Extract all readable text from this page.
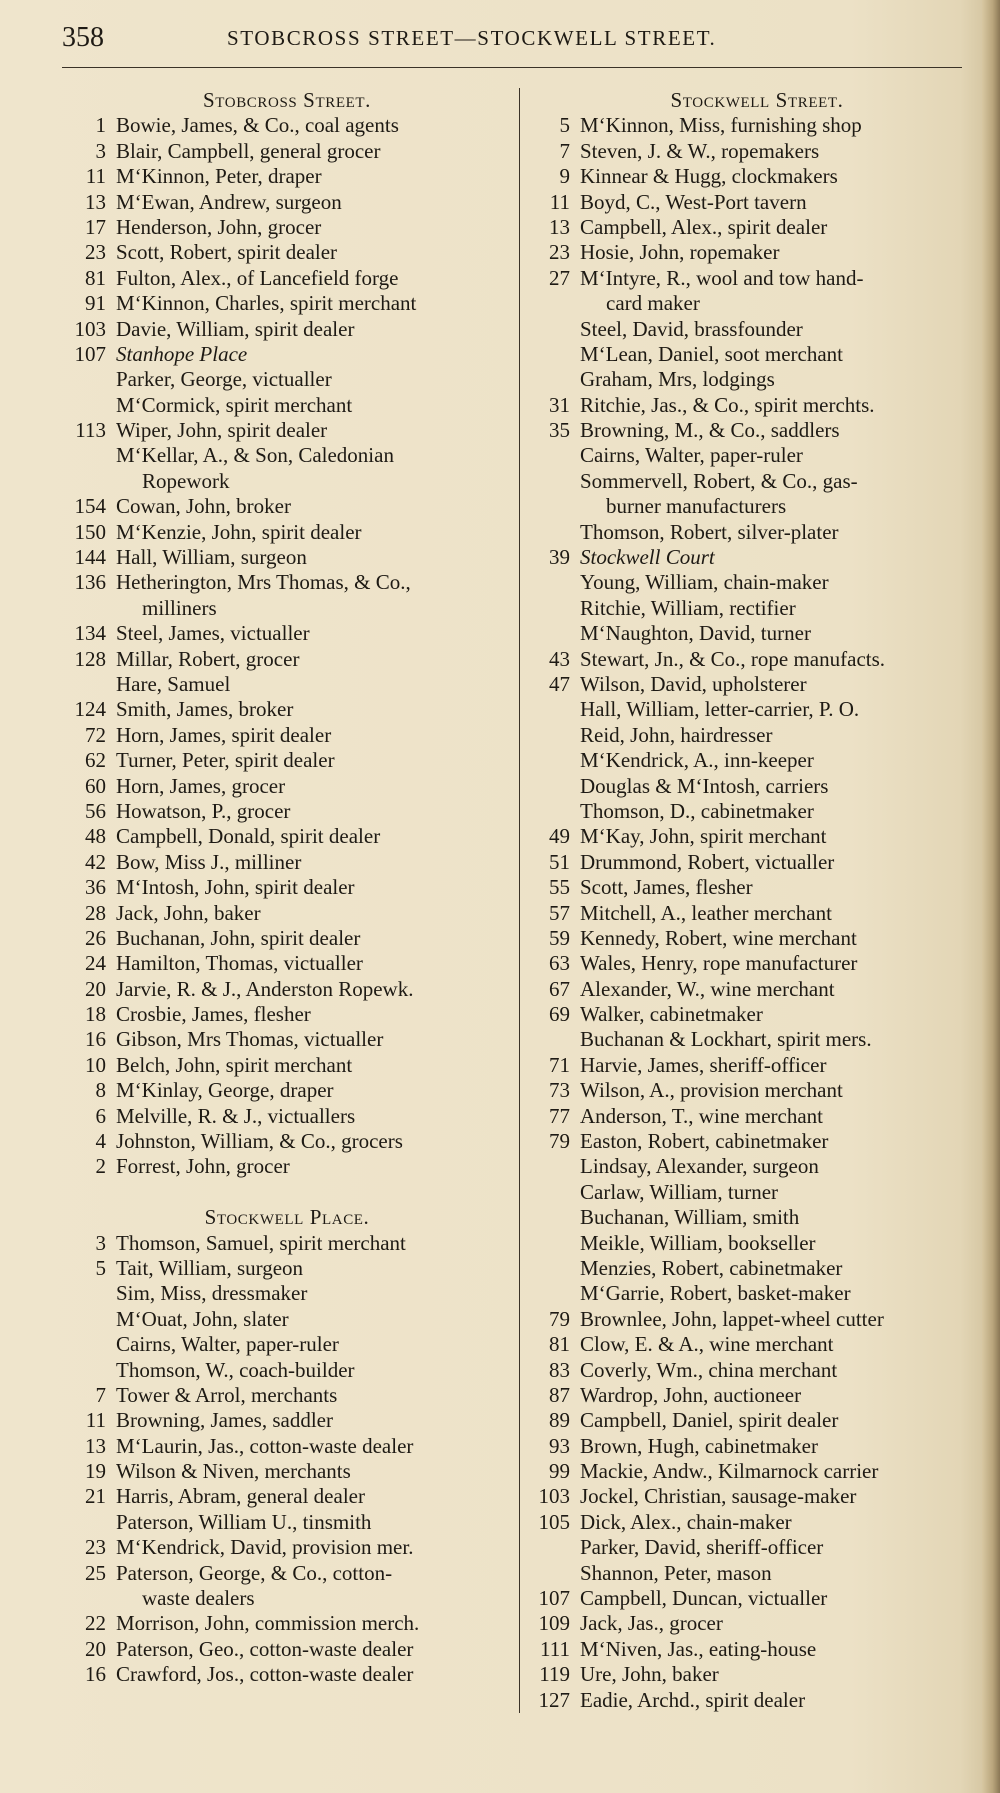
358	STOBCROSS STREET—STOCKWELL STREET.
Stobcross Street.
1 Bowie, James, & Co., coal agents
3 Blair, Campbell, general grocer
11 M‘Kinnon, Peter, draper
13 M‘Ewan, Andrew, surgeon
17 Henderson, John, grocer
23 Scott, Robert, spirit dealer
81 Fulton, Alex., of Lancefield forge
91 M‘Kinnon, Charles, spirit merchant
103 Davie, William, spirit dealer
107 Stanhope Place
Parker, George, victualler
M‘Cormick, spirit merchant
113 Wiper, John, spirit dealer
M‘Kellar, A., & Son, Caledonian
Ropework
154 Cowan, John, broker
150 M‘Kenzie, John, spirit dealer
144 Hall, William, surgeon
136 Hetherington, Mrs Thomas, & Co.,
milliners
134 Steel, James, victualler
128 Millar, Robert, grocer
Hare, Samuel
124 Smith, James, broker
72 Horn, James, spirit dealer
62 Turner, Peter, spirit dealer
60 Horn, James, grocer
56 Howatson, P., grocer
48 Campbell, Donald, spirit dealer
42 Bow, Miss J., milliner
36 M‘Intosh, John, spirit dealer
28 Jack, John, baker
26 Buchanan, John, spirit dealer
24 Hamilton, Thomas, victualler
20 Jarvie, R. & J., Anderston Ropewk.
18 Crosbie, James, flesher
16 Gibson, Mrs Thomas, victualler
10 Belch, John, spirit merchant
8 M‘Kinlay, George, draper
6 Melville, R. & J., victuallers
4 Johnston, William, & Co., grocers
2 Forrest, John, grocer
Stockwell Place.
3 Thomson, Samuel, spirit merchant
5 Tait, William, surgeon
Sim, Miss, dressmaker
M‘Ouat, John, slater
Cairns, Walter, paper-ruler
Thomson, W., coach-builder
7 Tower & Arrol, merchants
11 Browning, James, saddler
13 M‘Laurin, Jas., cotton-waste dealer
19 Wilson & Niven, merchants
21 Harris, Abram, general dealer
Paterson, William U., tinsmith
23 M‘Kendrick, David, provision mer.
25 Paterson, George, & Co., cotton-
waste dealers
22 Morrison, John, commission merch.
20 Paterson, Geo., cotton-waste dealer
16 Crawford, Jos., cotton-waste dealer
Stockwell Street.
5 M‘Kinnon, Miss, furnishing shop
7 Steven, J. & W., ropemakers
9 Kinnear & Hugg, clockmakers
11 Boyd, C., West-Port tavern
13 Campbell, Alex., spirit dealer
23 Hosie, John, ropemaker
27 M‘Intyre, R., wool and tow hand-
card maker
Steel, David, brassfounder
M‘Lean, Daniel, soot merchant
Graham, Mrs, lodgings
31 Ritchie, Jas., & Co., spirit merchts.
35 Browning, M., & Co., saddlers
Cairns, Walter, paper-ruler
Sommervell, Robert, & Co., gas-
burner manufacturers
Thomson, Robert, silver-plater
39 Stockwell Court
Young, William, chain-maker
Ritchie, William, rectifier
M‘Naughton, David, turner
43 Stewart, Jn., & Co., rope manufacts.
47 Wilson, David, upholsterer
Hall, William, letter-carrier, P. O.
Reid, John, hairdresser
M‘Kendrick, A., inn-keeper
Douglas & M‘Intosh, carriers
Thomson, D., cabinetmaker
49 M‘Kay, John, spirit merchant
51 Drummond, Robert, victualler
55 Scott, James, flesher
57 Mitchell, A., leather merchant
59 Kennedy, Robert, wine merchant
63 Wales, Henry, rope manufacturer
67 Alexander, W., wine merchant
69 Walker, cabinetmaker
Buchanan & Lockhart, spirit mers.
71 Harvie, James, sheriff-officer
73 Wilson, A., provision merchant
77 Anderson, T., wine merchant
79 Easton, Robert, cabinetmaker
Lindsay, Alexander, surgeon
Carlaw, William, turner
Buchanan, William, smith
Meikle, William, bookseller
Menzies, Robert, cabinetmaker
M‘Garrie, Robert, basket-maker
79 Brownlee, John, lappet-wheel cutter
81 Clow, E. & A., wine merchant
83 Coverly, Wm., china merchant
87 Wardrop, John, auctioneer
89 Campbell, Daniel, spirit dealer
93 Brown, Hugh, cabinetmaker
99 Mackie, Andw., Kilmarnock carrier
103 Jockel, Christian, sausage-maker
105 Dick, Alex., chain-maker
Parker, David, sheriff-officer
Shannon, Peter, mason
107 Campbell, Duncan, victualler
109 Jack, Jas., grocer
111 M‘Niven, Jas., eating-house
119 Ure, John, baker
127 Eadie, Archd., spirit dealer
